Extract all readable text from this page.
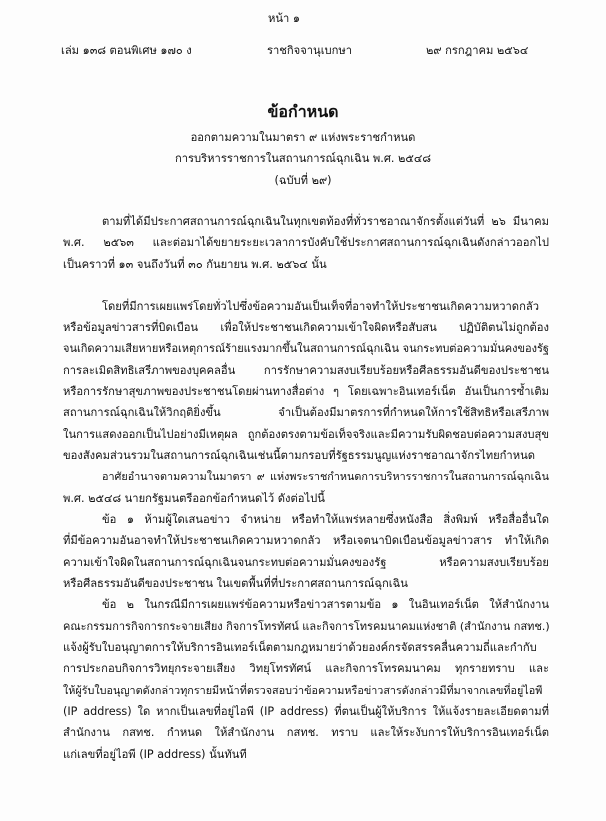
หน้า ๑
เล่ม ๑๓๘ ตอนพิเศษ ๑๗๐ ง	ราชกิจจานุเบกษา	๒๙ กรกฎาคม ๒๕๖๔
ข้อกำหนด
ออกตามความในมาตรา ๙ แห่งพระราชกำหนด
การบริหารราชการในสถานการณ์ฉุกเฉิน พ.ศ. ๒๕๔๘
(ฉบับที่ ๒๙)
ตามที่ได้มีประกาศสถานการณ์ฉุกเฉินในทุกเขตท้องที่ทั่วราชอาณาจักรตั้งแต่วันที่ ๒๖ มีนาคม
พ.ศ. ๒๕๖๓ และต่อมาได้ขยายระยะเวลาการบังคับใช้ประกาศสถานการณ์ฉุกเฉินดังกล่าวออกไป
เป็นคราวที่ ๑๓ จนถึงวันที่ ๓๐ กันยายน พ.ศ. ๒๕๖๔ นั้น
โดยที่มีการเผยแพร่โดยทั่วไปซึ่งข้อความอันเป็นเท็จที่อาจทำให้ประชาชนเกิดความหวาดกลัว
หรือข้อมูลข่าวสารที่บิดเบือน เพื่อให้ประชาชนเกิดความเข้าใจผิดหรือสับสน ปฏิบัติตนไม่ถูกต้อง
จนเกิดความเสียหายหรือเหตุการณ์ร้ายแรงมากขึ้นในสถานการณ์ฉุกเฉิน จนกระทบต่อความมั่นคงของรัฐ
การละเมิดสิทธิเสรีภาพของบุคคลอื่น การรักษาความสงบเรียบร้อยหรือศีลธรรมอันดีของประชาชน
หรือการรักษาสุขภาพของประชาชนโดยผ่านทางสื่อต่าง ๆ โดยเฉพาะอินเทอร์เน็ต อันเป็นการซ้ำเติม
สถานการณ์ฉุกเฉินให้วิกฤติยิ่งขึ้น จำเป็นต้องมีมาตรการที่กำหนดให้การใช้สิทธิหรือเสรีภาพ
ในการแสดงออกเป็นไปอย่างมีเหตุผล ถูกต้องตรงตามข้อเท็จจริงและมีความรับผิดชอบต่อความสงบสุข
ของสังคมส่วนรวมในสถานการณ์ฉุกเฉินเช่นนี้ตามกรอบที่รัฐธรรมนูญแห่งราชอาณาจักรไทยกำหนด
อาศัยอำนาจตามความในมาตรา ๙ แห่งพระราชกำหนดการบริหารราชการในสถานการณ์ฉุกเฉิน
พ.ศ. ๒๕๔๘ นายกรัฐมนตรีออกข้อกำหนดไว้ ดังต่อไปนี้
ข้อ ๑ ห้ามผู้ใดเสนอข่าว จำหน่าย หรือทำให้แพร่หลายซึ่งหนังสือ สิ่งพิมพ์ หรือสื่ออื่นใด
ที่มีข้อความอันอาจทำให้ประชาชนเกิดความหวาดกลัว หรือเจตนาบิดเบือนข้อมูลข่าวสาร ทำให้เกิด
ความเข้าใจผิดในสถานการณ์ฉุกเฉินจนกระทบต่อความมั่นคงของรัฐ หรือความสงบเรียบร้อย
หรือศีลธรรมอันดีของประชาชน ในเขตพื้นที่ที่ประกาศสถานการณ์ฉุกเฉิน
ข้อ ๒ ในกรณีมีการเผยแพร่ข้อความหรือข่าวสารตามข้อ ๑ ในอินเทอร์เน็ต ให้สำนักงาน
คณะกรรมการกิจการกระจายเสียง กิจการโทรทัศน์ และกิจการโทรคมนาคมแห่งชาติ (สำนักงาน กสทช.)
แจ้งผู้รับใบอนุญาตการให้บริการอินเทอร์เน็ตตามกฎหมายว่าด้วยองค์กรจัดสรรคลื่นความถี่และกำกับ
การประกอบกิจการวิทยุกระจายเสียง วิทยุโทรทัศน์ และกิจการโทรคมนาคม ทุกรายทราบ และ
ให้ผู้รับใบอนุญาตดังกล่าวทุกรายมีหน้าที่ตรวจสอบว่าข้อความหรือข่าวสารดังกล่าวมีที่มาจากเลขที่อยู่ไอพี
(IP address) ใด หากเป็นเลขที่อยู่ไอพี (IP address) ที่ตนเป็นผู้ให้บริการ ให้แจ้งรายละเอียดตามที่
สำนักงาน กสทช. กำหนด ให้สำนักงาน กสทช. ทราบ และให้ระงับการให้บริการอินเทอร์เน็ต
แก่เลขที่อยู่ไอพี (IP address) นั้นทันที
